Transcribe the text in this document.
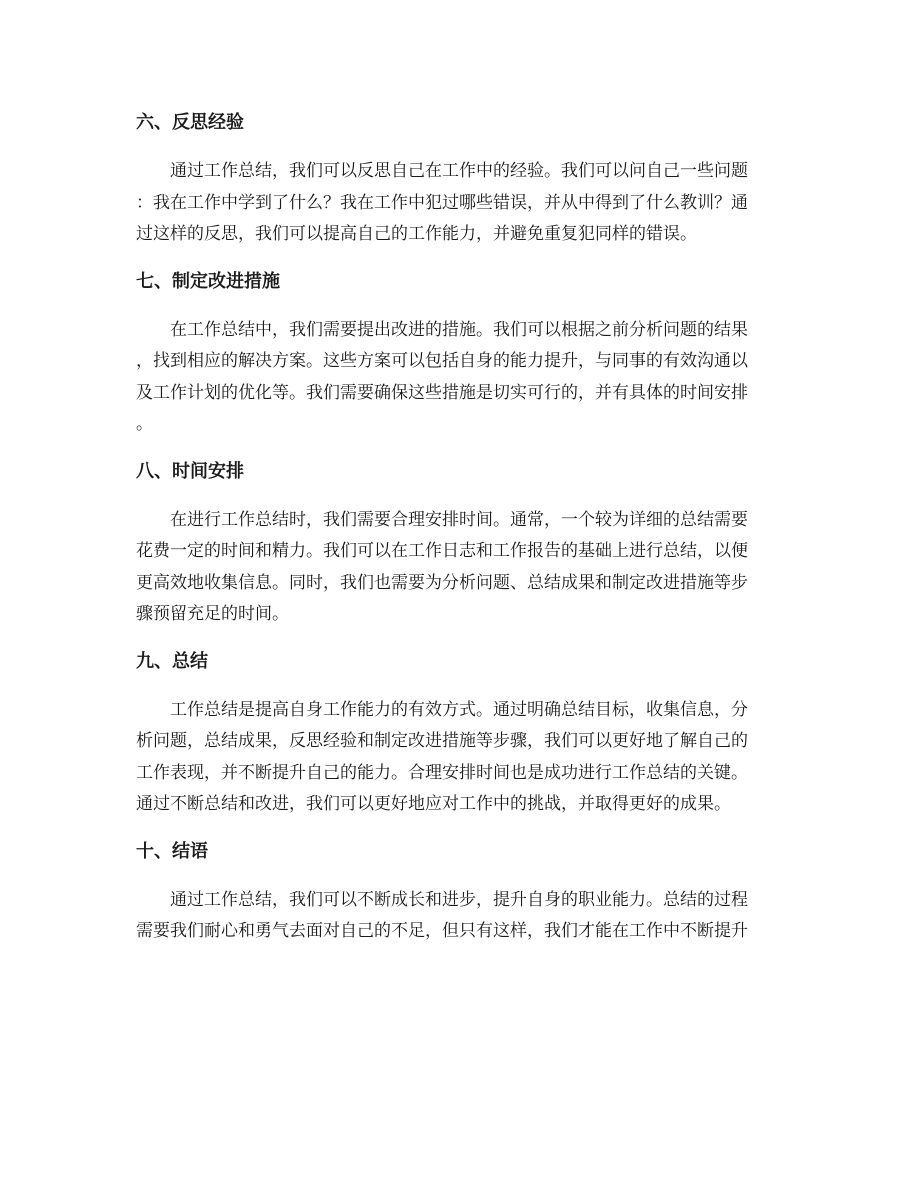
六、反思经验
通过工作总结，我们可以反思自己在工作中的经验。我们可以问自己一些问题
：我在工作中学到了什么？我在工作中犯过哪些错误，并从中得到了什么教训？通
过这样的反思，我们可以提高自己的工作能力，并避免重复犯同样的错误。
七、制定改进措施
在工作总结中，我们需要提出改进的措施。我们可以根据之前分析问题的结果
，找到相应的解决方案。这些方案可以包括自身的能力提升，与同事的有效沟通以
及工作计划的优化等。我们需要确保这些措施是切实可行的，并有具体的时间安排
。
八、时间安排
在进行工作总结时，我们需要合理安排时间。通常，一个较为详细的总结需要
花费一定的时间和精力。我们可以在工作日志和工作报告的基础上进行总结，以便
更高效地收集信息。同时，我们也需要为分析问题、总结成果和制定改进措施等步
骤预留充足的时间。
九、总结
工作总结是提高自身工作能力的有效方式。通过明确总结目标，收集信息，分
析问题，总结成果，反思经验和制定改进措施等步骤，我们可以更好地了解自己的
工作表现，并不断提升自己的能力。合理安排时间也是成功进行工作总结的关键。
通过不断总结和改进，我们可以更好地应对工作中的挑战，并取得更好的成果。
十、结语
通过工作总结，我们可以不断成长和进步，提升自身的职业能力。总结的过程
需要我们耐心和勇气去面对自己的不足，但只有这样，我们才能在工作中不断提升
